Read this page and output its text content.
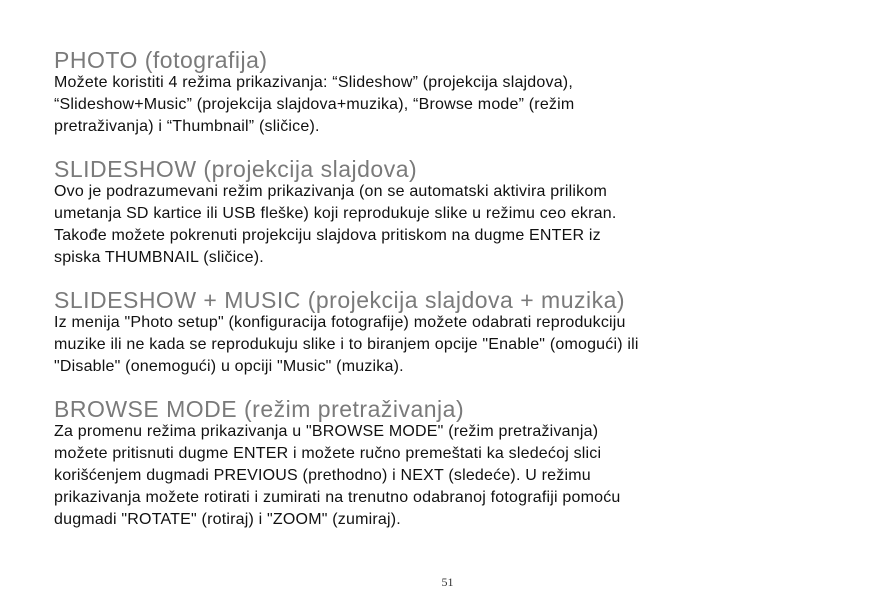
PHOTO (fotografija)

Možete koristiti 4 režima prikazivanja: “Slideshow” (projekcija slajdova),
“Slideshow+Music” (projekcija slajdova+muzika), “Browse mode” (režim
pretraživanja) i “Thumbnail” (sličice).

SLIDESHOW (projekcija slajdova)

Ovo je podrazumevani režim prikazivanja (on se automatski aktivira prilikom
umetanja SD kartice ili USB fleške) koji reprodukuje slike u režimu ceo ekran.
Takođe možete pokrenuti projekciju slajdova pritiskom na dugme ENTER iz
spiska THUMBNAIL (sličice).

SLIDESHOW + MUSIC (projekcija slajdova + muzika)

Iz menija "Photo setup" (konfiguracija fotografije) možete odabrati reprodukciju
muzike ili ne kada se reprodukuju slike i to biranjem opcije "Enable" (omogući) ili
"Disable" (onemogući) u opciji "Music" (muzika).

BROWSE MODE (režim pretraživanja)

Za promenu režima prikazivanja u "BROWSE MODE" (režim pretraživanja)
možete pritisnuti dugme ENTER i možete ručno premeštati ka sledećoj slici
korišćenjem dugmadi PREVIOUS (prethodno) i NEXT (sledeće). U režimu
prikazivanja možete rotirati i zumirati na trenutno odabranoj fotografiji pomoću
dugmadi "ROTATE" (rotiraj) i "ZOOM" (zumiraj).

51
